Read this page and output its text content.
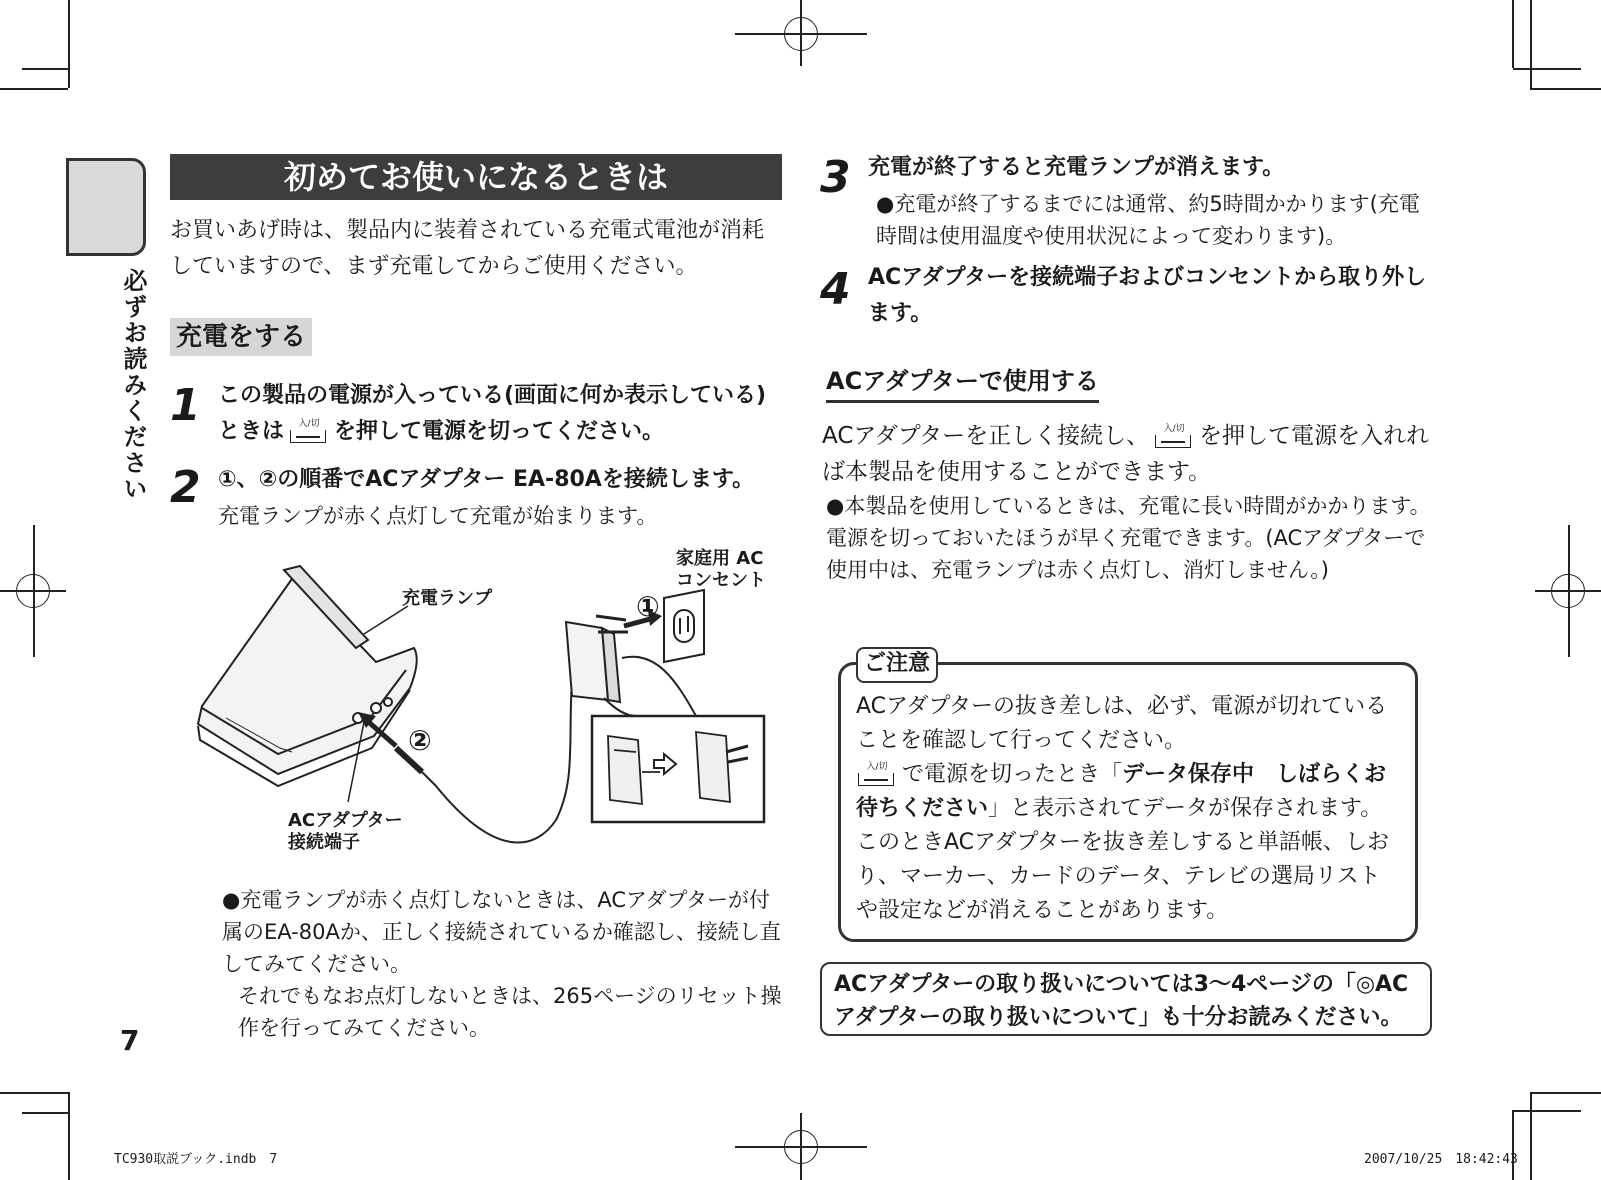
必ずお読みください
初めてお使いになるときは
お買いあげ時は、製品内に装着されている充電式電池が消耗していますので、まず充電してからご使用ください。
充電をする
1 この製品の電源が入っている(画面に何か表示している)ときは	入/切 を押して電源を切ってください。
2 ①、②の順番でACアダプター EA-80Aを接続します。
充電ランプが赤く点灯して充電が始まります。
充電ランプ
家庭用 AC
コンセント
ACアダプター
接続端子
①
②
●充電ランプが赤く点灯しないときは、ACアダプターが付属のEA-80Aか、正しく接続されているか確認し、接続し直してみてください。
それでもなお点灯しないときは、265ページのリセット操作を行ってみてください。
7
3 充電が終了すると充電ランプが消えます。
●充電が終了するまでには通常、約5時間かかります(充電時間は使用温度や使用状況によって変わります)。
4 ACアダプターを接続端子およびコンセントから取り外します。
ACアダプターで使用する
ACアダプターを正しく接続し、	入/切 を押して電源を入れれば本製品を使用することができます。
●本製品を使用しているときは、充電に長い時間がかかります。電源を切っておいたほうが早く充電できます。(ACアダプターで使用中は、充電ランプは赤く点灯し、消灯しません。)
ご注意
ACアダプターの抜き差しは、必ず、電源が切れていることを確認して行ってください。

入/切 で電源を切ったとき「データ保存中　しばらくお待ちください」と表示されてデータが保存されます。このときACアダプターを抜き差しすると単語帳、しおり、マーカー、カードのデータ、テレビの選局リストや設定などが消えることがあります。
ACアダプターの取り扱いについては3〜4ページの「◎ACアダプターの取り扱いについて」も十分お読みください。
TC930取説ブック.indb　7	2007/10/25　18:42:43
